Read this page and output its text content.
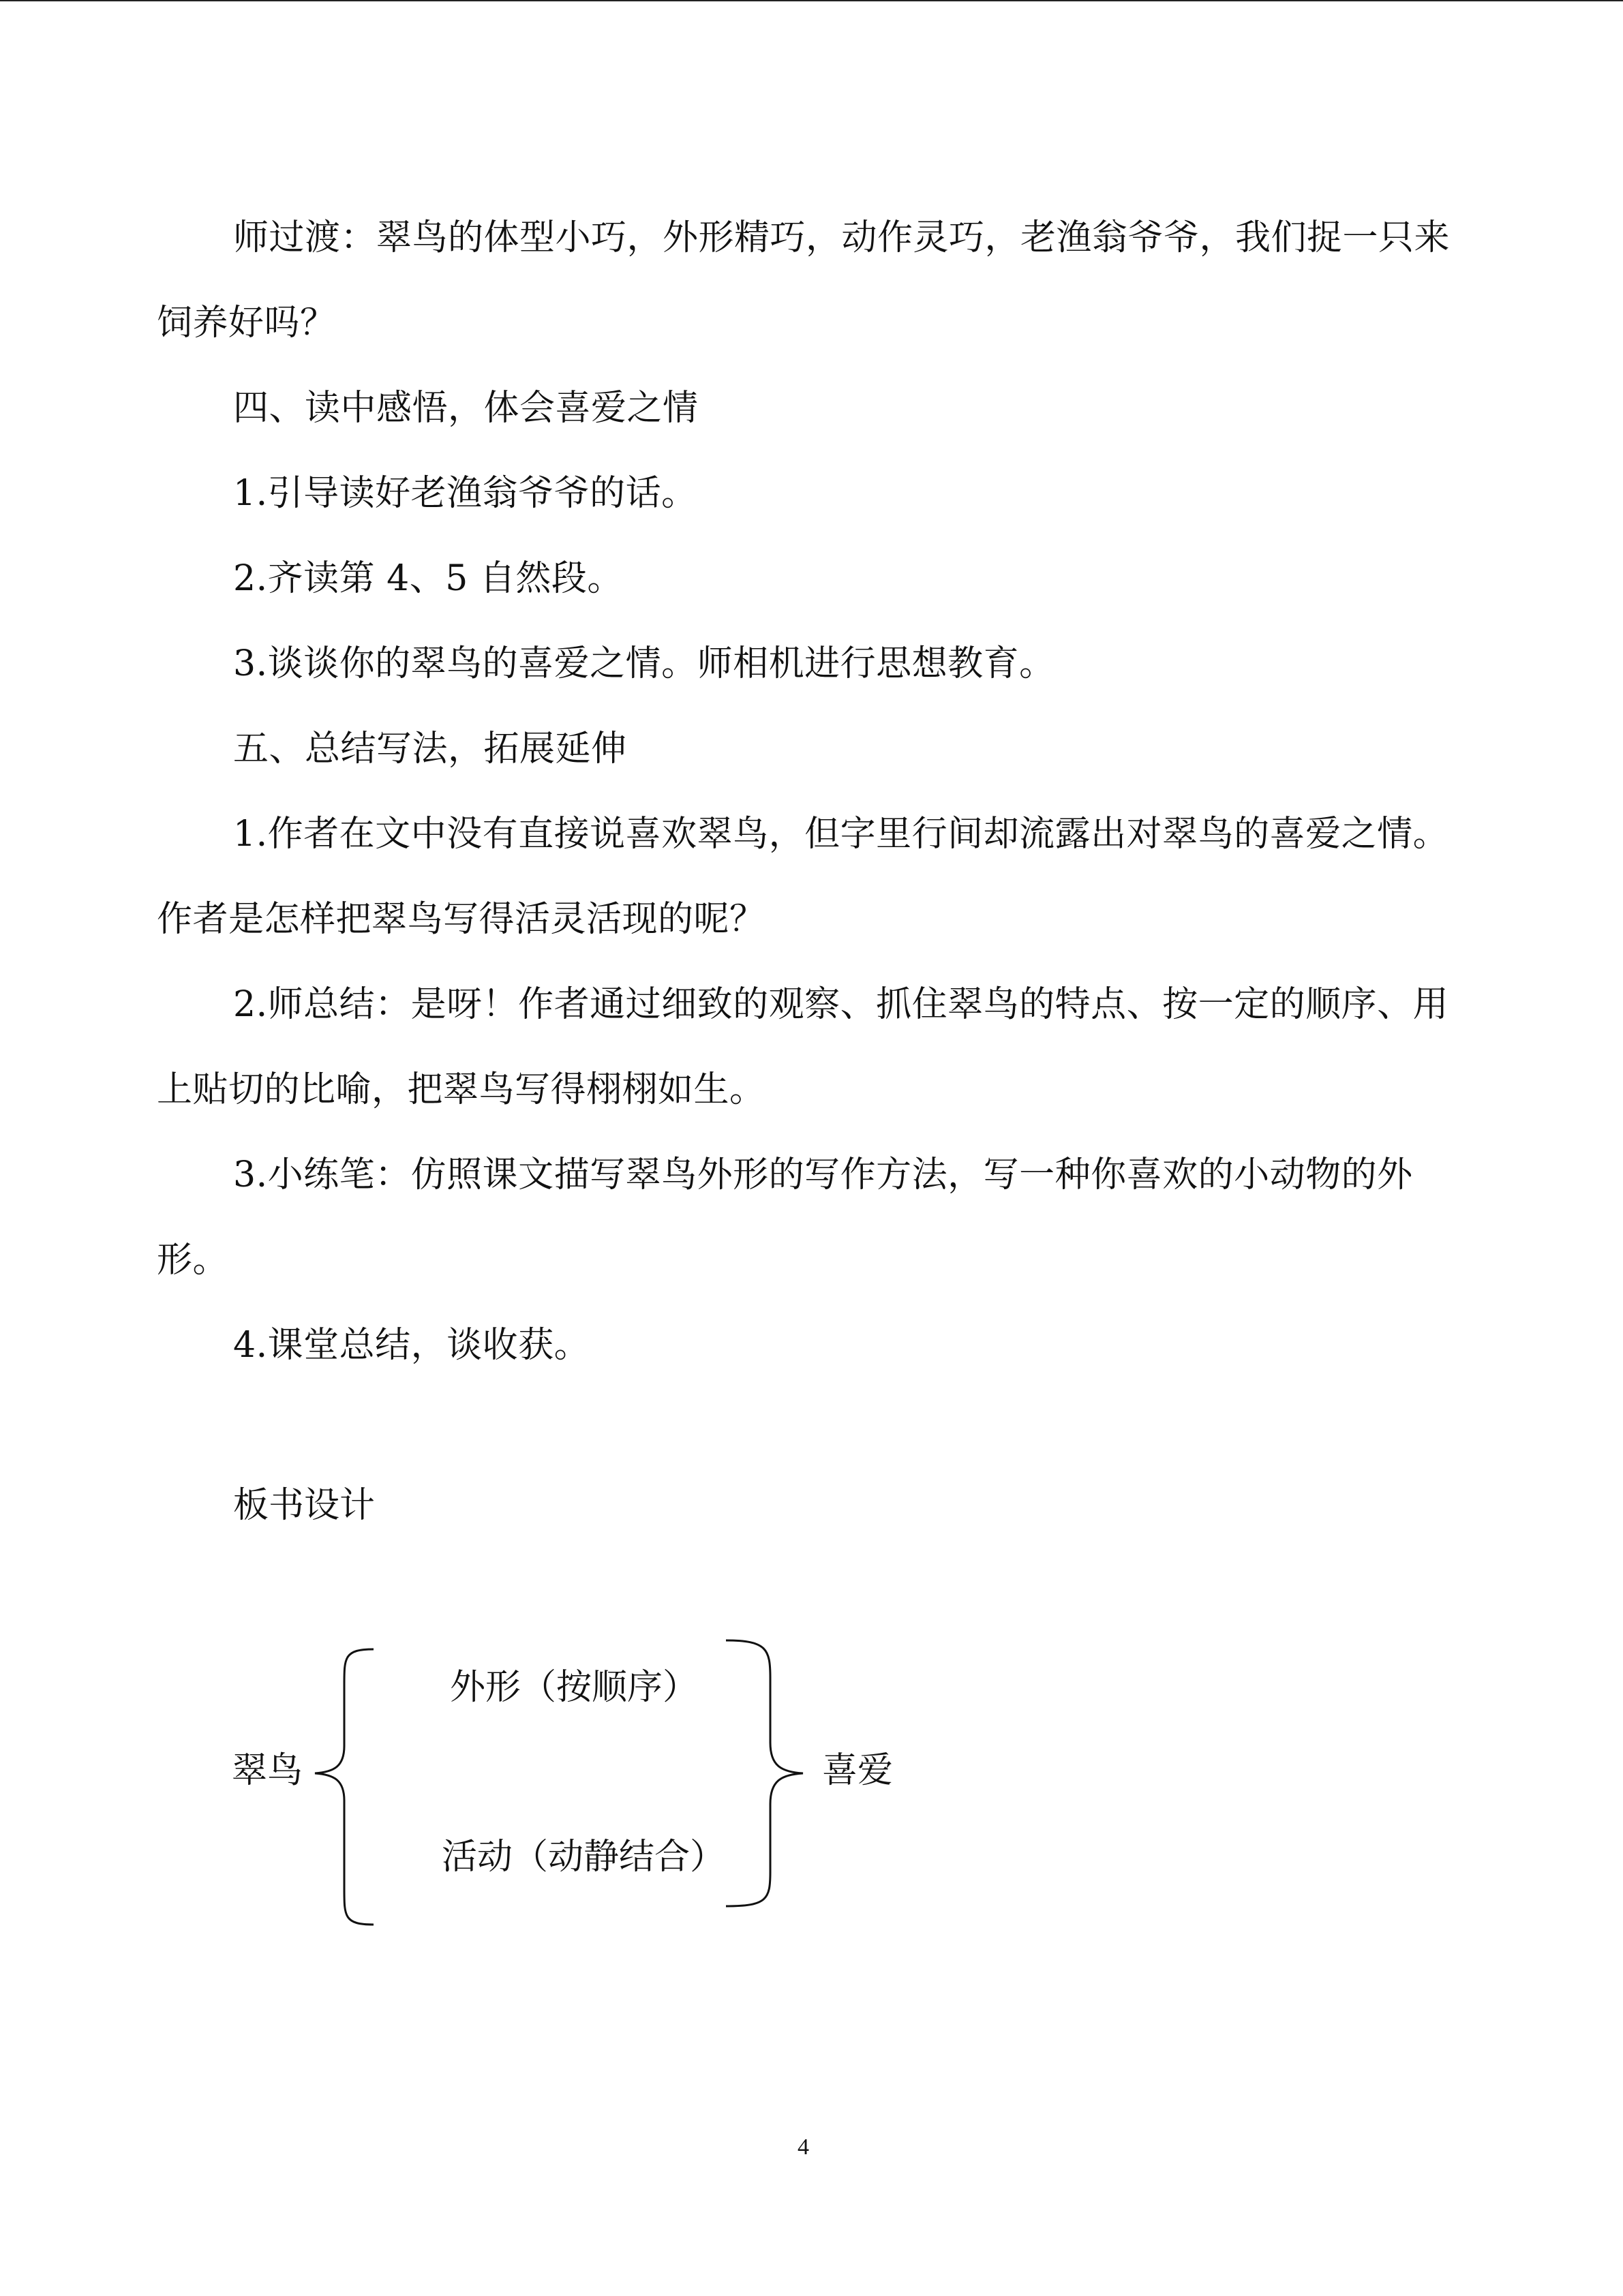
师过渡：翠鸟的体型小巧，外形精巧，动作灵巧，老渔翁爷爷，我们捉一只来饲养好吗？

四、读中感悟，体会喜爱之情

1.引导读好老渔翁爷爷的话。

2.齐读第 4、5 自然段。

3.谈谈你的翠鸟的喜爱之情。师相机进行思想教育。

五、总结写法，拓展延伸

1.作者在文中没有直接说喜欢翠鸟，但字里行间却流露出对翠鸟的喜爱之情。作者是怎样把翠鸟写得活灵活现的呢？

2.师总结：是呀！作者通过细致的观察、抓住翠鸟的特点、按一定的顺序、用上贴切的比喻，把翠鸟写得栩栩如生。

3.小练笔：仿照课文描写翠鸟外形的写作方法，写一种你喜欢的小动物的外形。

4.课堂总结，谈收获。

板书设计

翠鸟
外形（按顺序）
活动（动静结合）
喜爱
4
